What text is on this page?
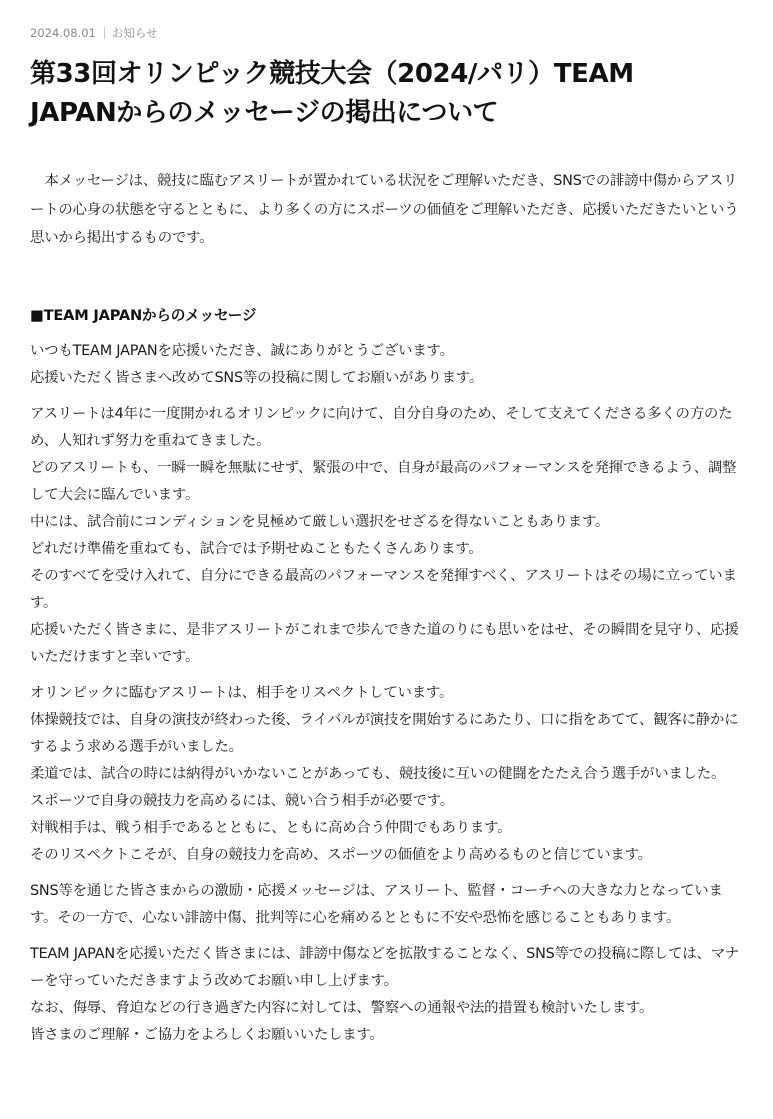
2024.08.01 お知らせ
第33回オリンピック競技大会（2024/パリ）TEAM
JAPANからのメッセージの掲出について

本メッセージは、競技に臨むアスリートが置かれている状況をご理解いただき、SNSでの誹謗中傷からアスリートの心身の状態を守るとともに、より多くの方にスポーツの価値をご理解いただき、応援いただきたいという思いから掲出するものです。

■TEAM JAPANからのメッセージ

いつもTEAM JAPANを応援いただき、誠にありがとうございます。
応援いただく皆さまへ改めてSNS等の投稿に関してお願いがあります。

アスリートは4年に一度開かれるオリンピックに向けて、自分自身のため、そして支えてくださる多くの方のため、人知れず努力を重ねてきました。
どのアスリートも、一瞬一瞬を無駄にせず、緊張の中で、自身が最高のパフォーマンスを発揮できるよう、調整して大会に臨んでいます。
中には、試合前にコンディションを見極めて厳しい選択をせざるを得ないこともあります。
どれだけ準備を重ねても、試合では予期せぬこともたくさんあります。
そのすべてを受け入れて、自分にできる最高のパフォーマンスを発揮すべく、アスリートはその場に立っています。
応援いただく皆さまに、是非アスリートがこれまで歩んできた道のりにも思いをはせ、その瞬間を見守り、応援いただけますと幸いです。

オリンピックに臨むアスリートは、相手をリスペクトしています。
体操競技では、自身の演技が終わった後、ライバルが演技を開始するにあたり、口に指をあてて、観客に静かにするよう求める選手がいました。
柔道では、試合の時には納得がいかないことがあっても、競技後に互いの健闘をたたえ合う選手がいました。
スポーツで自身の競技力を高めるには、競い合う相手が必要です。
対戦相手は、戦う相手であるとともに、ともに高め合う仲間でもあります。
そのリスペクトこそが、自身の競技力を高め、スポーツの価値をより高めるものと信じています。

SNS等を通じた皆さまからの激励・応援メッセージは、アスリート、監督・コーチへの大きな力となっています。その一方で、心ない誹謗中傷、批判等に心を痛めるとともに不安や恐怖を感じることもあります。

TEAM JAPANを応援いただく皆さまには、誹謗中傷などを拡散することなく、SNS等での投稿に際しては、マナーを守っていただきますよう改めてお願い申し上げます。
なお、侮辱、脅迫などの行き過ぎた内容に対しては、警察への通報や法的措置も検討いたします。
皆さまのご理解・ご協力をよろしくお願いいたします。
